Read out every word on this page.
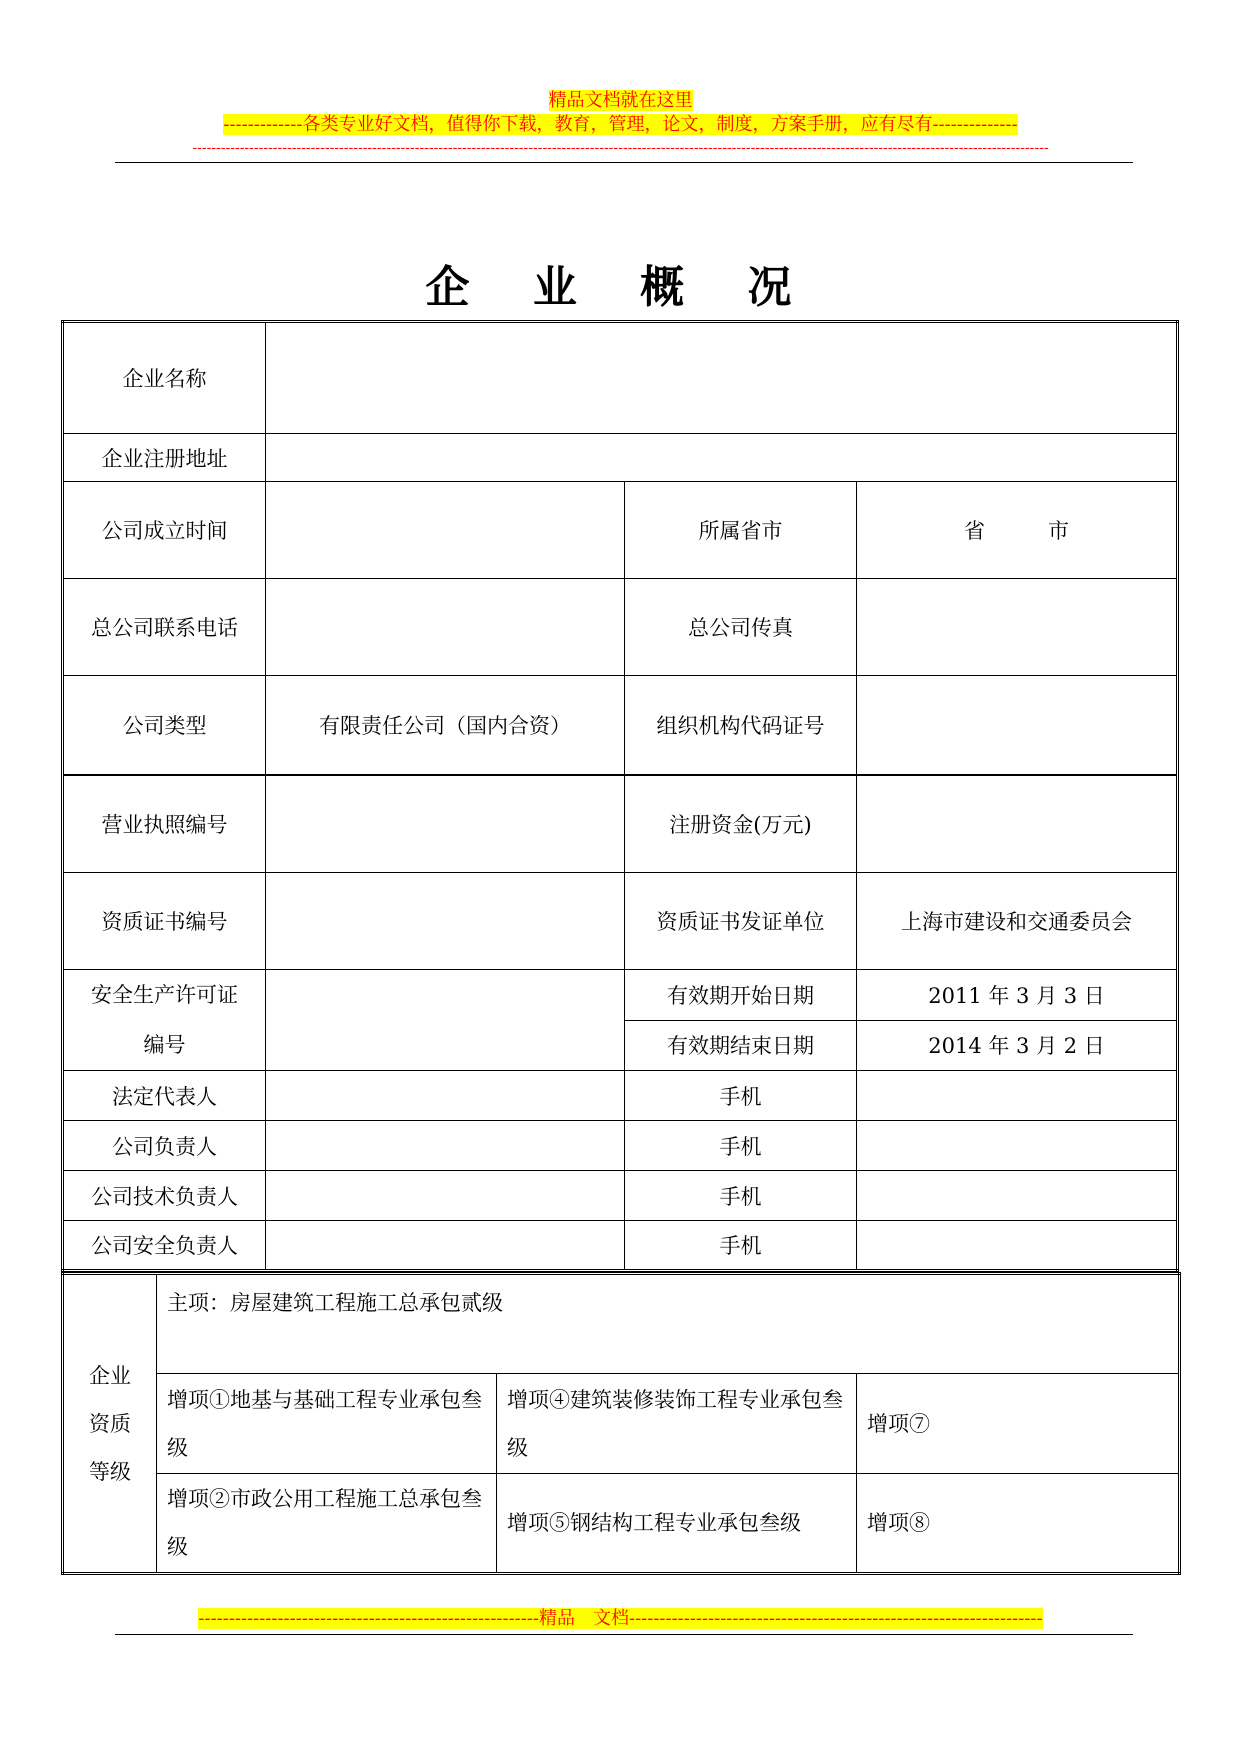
精品文档就在这里
-------------各类专业好文档，值得你下载，教育，管理，论文，制度，方案手册，应有尽有--------------
-------------------------------------------------------------------------------------------------------------------------------------------------------------------------------------
企 业 概 况
企业名称			
企业注册地址			
公司成立时间		所属省市	省　　　市
总公司联系电话		总公司传真	
公司类型	有限责任公司（国内合资）	组织机构代码证号	
营业执照编号		注册资金(万元)	
资质证书编号		资质证书发证单位	上海市建设和交通委员会

安全生产许可证
编号		有效期开始日期	2011 年 3 月 3 日
		有效期结束日期	2014 年 3 月 2 日
法定代表人		手机	
公司负责人		手机	
公司技术负责人		手机	
公司安全负责人		手机	
企业
资质
等级	主项：房屋建筑工程施工总承包贰级		
	增项①地基与基础工程专业承包叁级	增项④建筑装修装饰工程专业承包叁级	增项⑦
	增项②市政公用工程施工总承包叁级	增项⑤钢结构工程专业承包叁级	增项⑧
--------------------------------------------------------精品　文档--------------------------------------------------------------------
